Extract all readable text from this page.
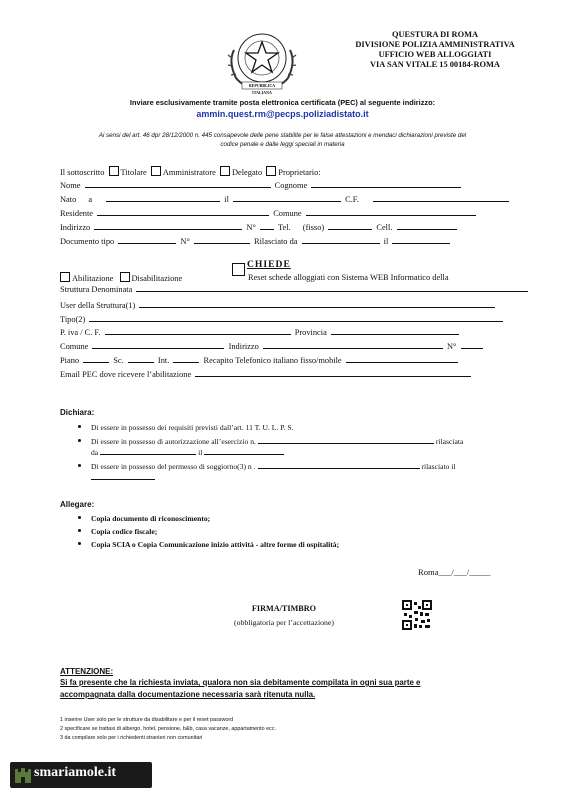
REPUBBLICA ITALIANA
QUESTURA DI ROMA
DIVISIONE POLIZIA AMMINISTRATIVA
UFFICIO WEB ALLOGGIATI
VIA SAN VITALE 15 00184-ROMA
Inviare esclusivamente tramite posta elettronica certificata (PEC) al seguente indirizzo:
ammin.quest.rm@pecps.poliziadistato.it
Ai sensi del art. 46 dpr 28/12/2000 n. 445 consapevole delle pene stabilite per le false attestazioni e mendaci dichiarazioni previste del
codice penale e dalle leggi speciali in materia
Il sottoscritto Titolare Amministratore Delegato Proprietario:
Nome	Cognome
Nato a	il	C.F.
Residente	Comune
Indirizzo	N°	Tel. (fisso)	Cell.
Documento tipo	N°	Rilasciato da	il
CHIEDE
Abilitazione Disabilitazione	Reset schede alloggiati con Sistema WEB Informatico della
Struttura Denominata
User della Struttura(1)
Tipo(2)
P. iva / C. F.	Provincia
Comune	Indirizzo	N°
Piano	Sc.	Int.	Recapito Telefonico italiano fisso/mobile
Email PEC dove ricevere l’abilitazione
Dichiara:
Di essere in possesso dei requisiti previsti dall’art. 11 T. U. L. P. S.
Di essere in possesso di autorizzazione all’esercizio n.	rilasciata
da	il
Di essere in possesso del permesso di soggiorno(3) n .	rilasciato il
Allegare:
Copia documento di riconoscimento;
Copia codice fiscale;
Copia SCIA o Copia Comunicazione inizio attività - altre forme di ospitalità;
Roma___/___/_____
FIRMA/TIMBRO
(obbligatoria per l’accettazione)
ATTENZIONE:
Si fa presente che la richiesta inviata, qualora non sia debitamente compilata in ogni sua parte e
accompagnata dalla documentazione necessaria sarà ritenuta nulla.
1 inserire User solo per le strutture da disabilitare e per il reset password
2 specificare se trattasi di albergo, hotel, pensione, b&b, casa vacanze, appartamento ecc.
3 da compilare solo per i richiedenti stranieri non comunitari
smariamole.it
